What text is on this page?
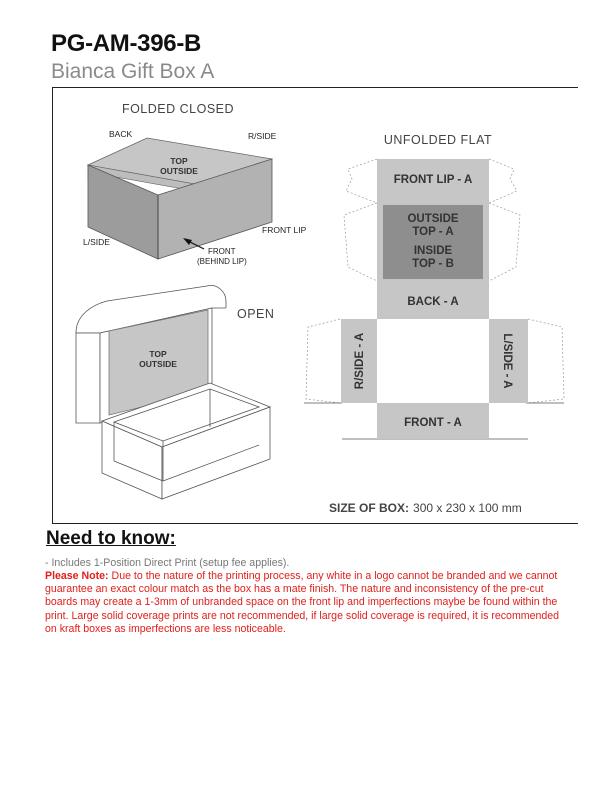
PG-AM-396-B
Bianca Gift Box A
FOLDED CLOSED
BACK	R/SIDE
TOP
OUTSIDE
L/SIDE
FRONT LIP
FRONT
(BEHIND LIP)
OPEN
TOP
OUTSIDE
UNFOLDED FLAT
FRONT LIP - A
OUTSIDE
TOP - A
INSIDE
TOP - B
BACK - A
FRONT - A
R/SIDE - A	L/SIDE - A
SIZE OF BOX: 300 x 230 x 100 mm
Need to know:
- Includes 1-Position Direct Print (setup fee applies).
Please Note: Due to the nature of the printing process, any white in a logo cannot be branded and we cannot guarantee an exact colour match as the box has a mate finish. The nature and inconsistency of the pre-cut boards may create a 1-3mm of unbranded space on the front lip and imperfections maybe be found within the print. Large solid coverage prints are not recommended, if large solid coverage is required, it is recommended on kraft boxes as imperfections are less noticeable.
